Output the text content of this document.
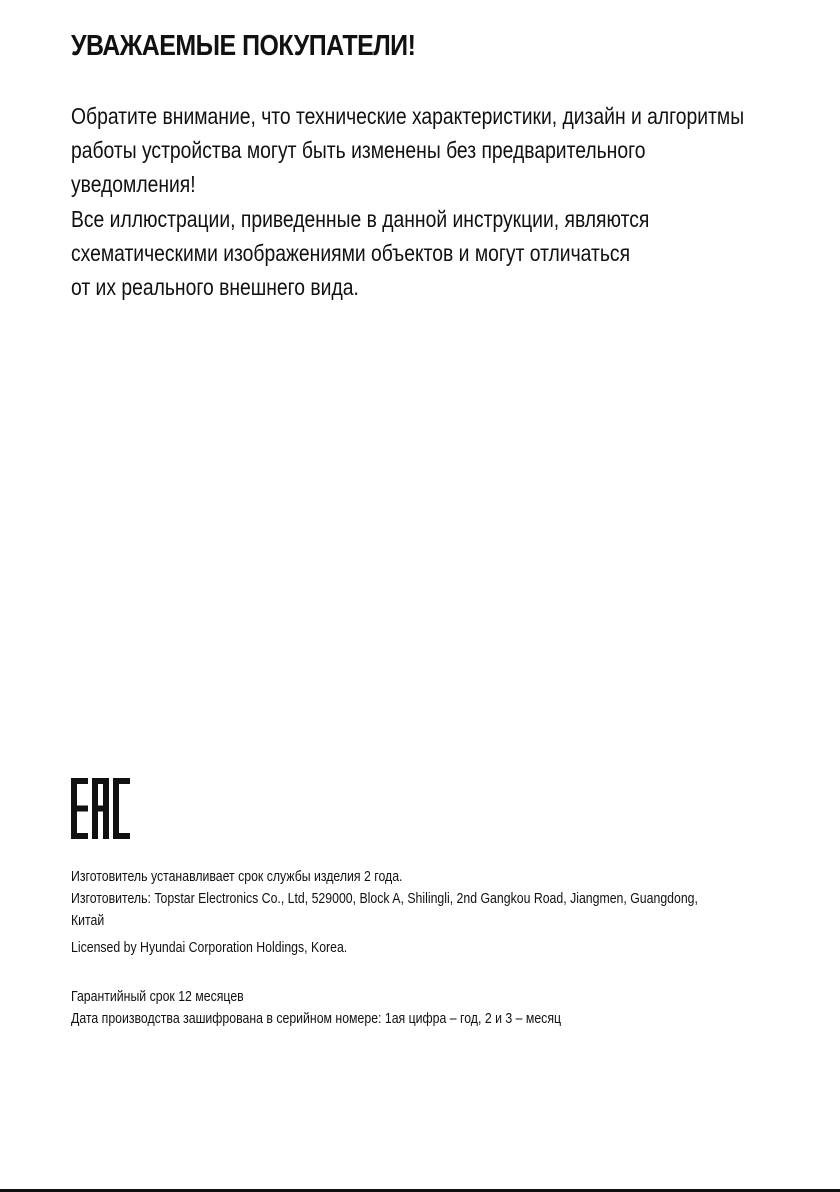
УВАЖАЕМЫЕ ПОКУПАТЕЛИ!

Обратите внимание, что технические характеристики, дизайн и алгоритмы
работы устройства могут быть изменены без предварительного
уведомления!
Все иллюстрации, приведенные в данной инструкции, являются
схематическими изображениями объектов и могут отличаться
от их реального внешнего вида.

Изготовитель устанавливает срок службы изделия 2 года.
Изготовитель: Topstar Electronics Co., Ltd, 529000, Block A, Shilingli, 2nd Gangkou Road, Jiangmen, Guangdong,
Китай
Licensed by Hyundai Corporation Holdings, Korea.
Гарантийный срок 12 месяцев
Дата производства зашифрована в серийном номере: 1ая цифра – год, 2 и 3 – месяц
